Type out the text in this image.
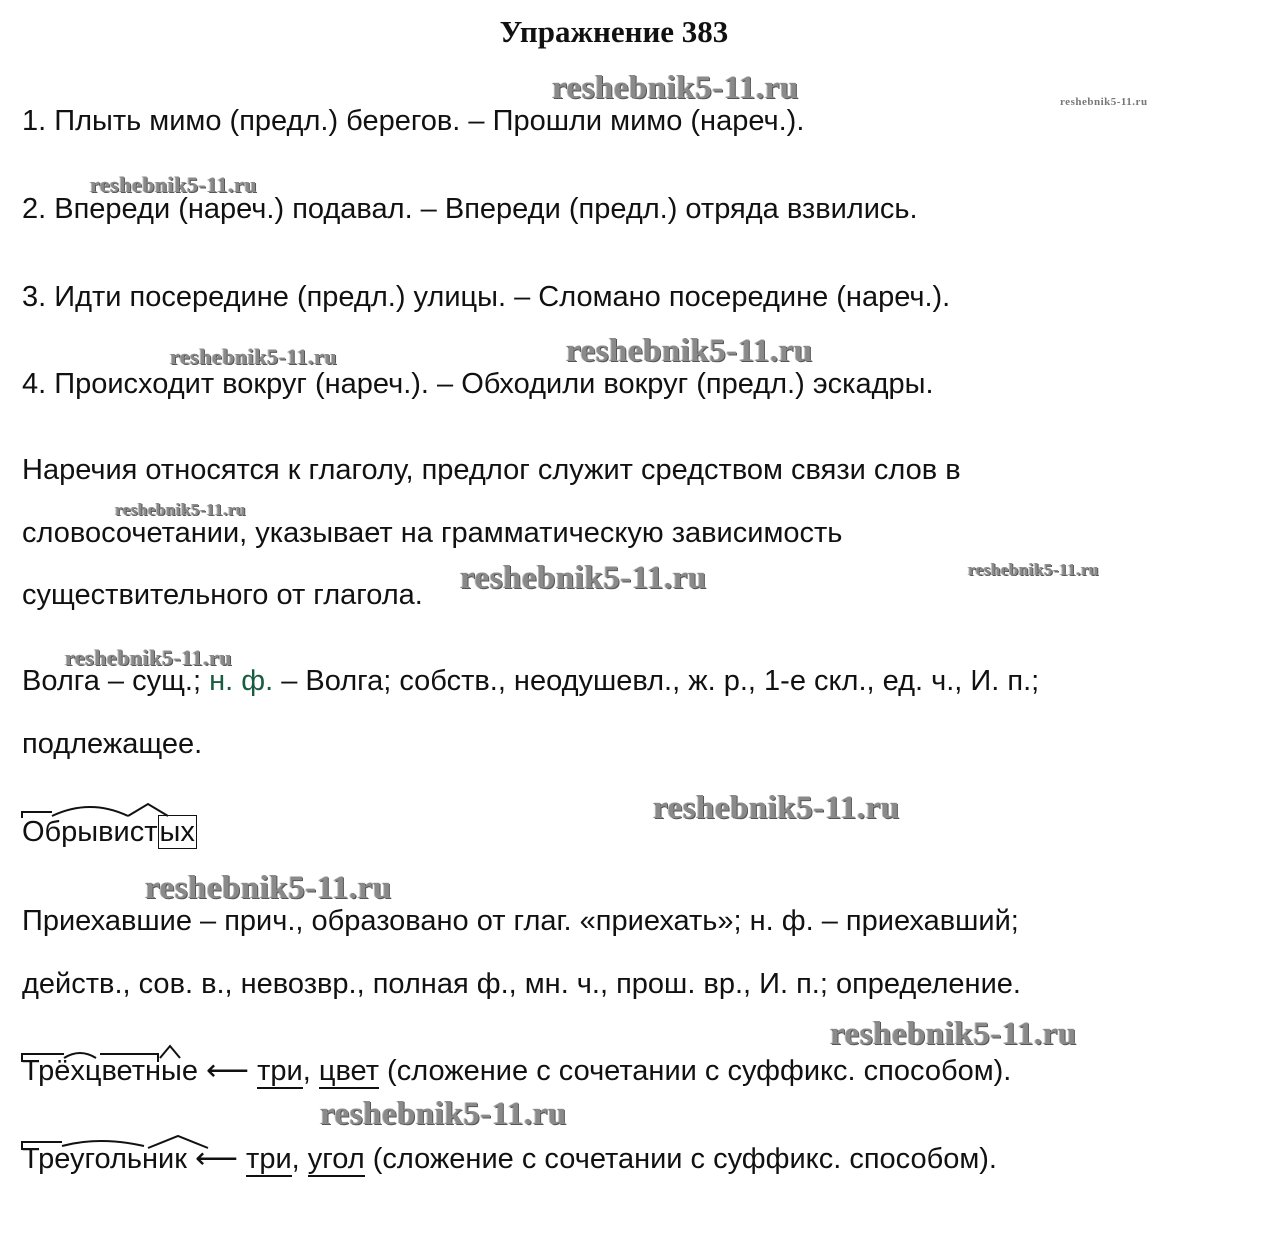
Упражнение 383
reshebnik5-11.ru	reshebnik5-11.ru
reshebnik5-11.ru
reshebnik5-11.ru	reshebnik5-11.ru
reshebnik5-11.ru
reshebnik5-11.ru
reshebnik5-11.ru
reshebnik5-11.ru
reshebnik5-11.ru
reshebnik5-11.ru
reshebnik5-11.ru
reshebnik5-11.ru
1. Плыть мимо (предл.) берегов. – Прошли мимо (нареч.).
2. Впереди (нареч.) подавал. – Впереди (предл.) отряда взвились.
3. Идти посередине (предл.) улицы. – Сломано посередине (нареч.).
4. Происходит вокруг (нареч.). – Обходили вокруг (предл.) эскадры.
Наречия относятся к глаголу, предлог служит средством связи слов в
словосочетании, указывает на грамматическую зависимость
существительного от глагола.
Волга – сущ.; н. ф. – Волга; собств., неодушевл., ж. р., 1-е скл., ед. ч., И. п.;
подлежащее.
Обрывистых
Приехавшие – прич., образовано от глаг. «приехать»; н. ф. – приехавший;
действ., сов. в., невозвр., полная ф., мн. ч., прош. вр., И. п.; определение.
Трёхцветные ⟵ три, цвет (сложение с сочетании с суффикс. способом).
Треугольник ⟵ три, угол (сложение с сочетании с суффикс. способом).
